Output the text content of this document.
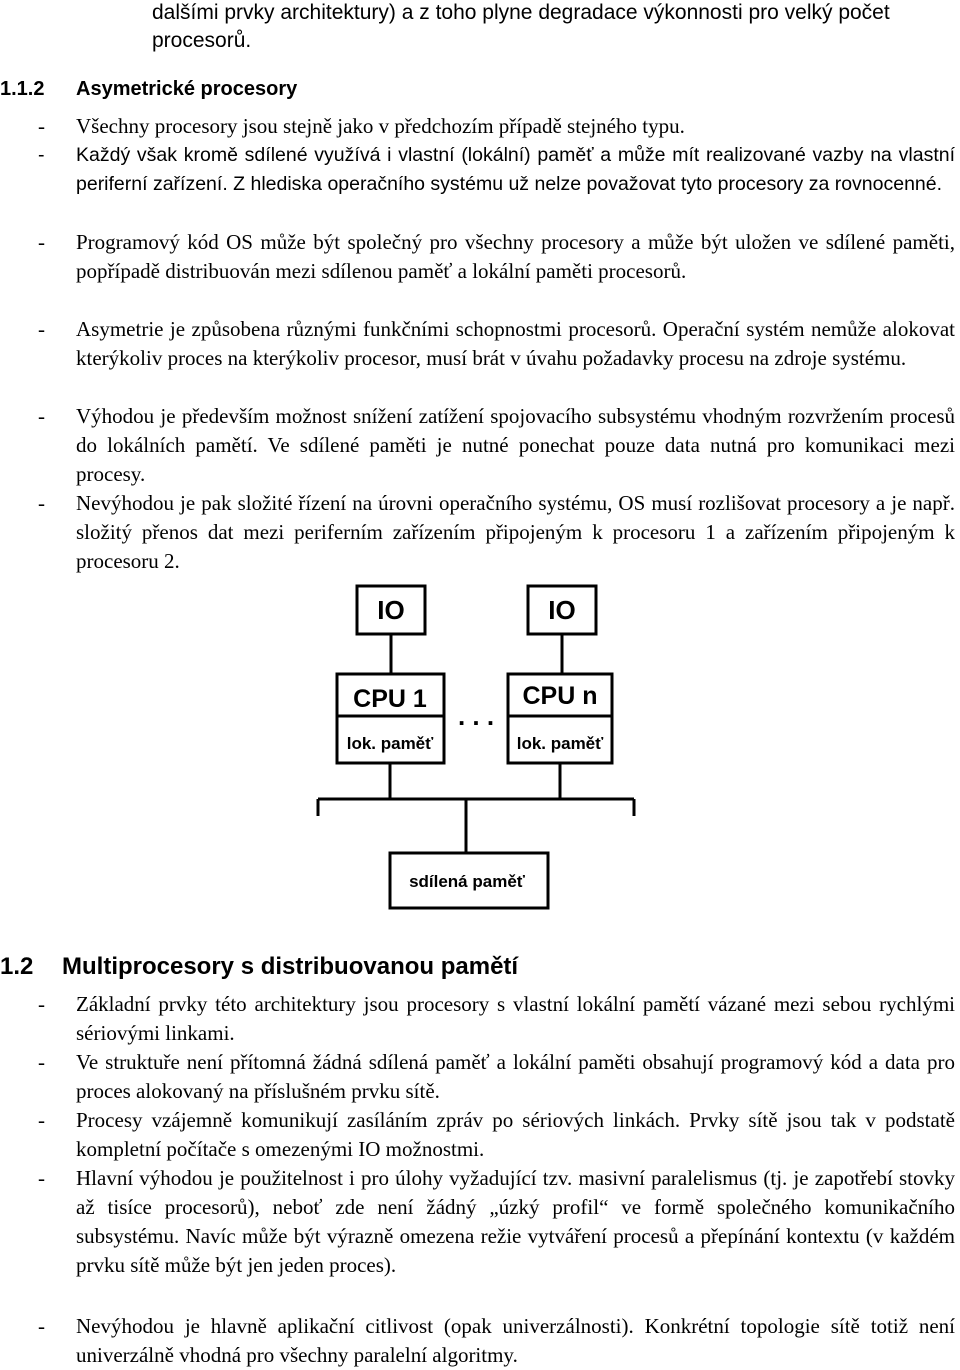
dalšími prvky architektury) a z toho plyne degradace výkonnosti pro velký počet procesorů.
1.1.2	Asymetrické procesory
- Všechny procesory jsou stejně jako v předchozím případě stejného typu.
- Každý však kromě sdílené využívá i vlastní (lokální) paměť a může mít realizované vazby na vlastní periferní zařízení. Z hlediska operačního systému už nelze považovat tyto procesory za rovnocenné.
- Programový kód OS může být společný pro všechny procesory a může být uložen ve sdílené paměti, popřípadě distribuován mezi sdílenou paměť a lokální paměti procesorů.
- Asymetrie je způsobena různými funkčními schopnostmi procesorů. Operační systém nemůže alokovat kterýkoliv proces na kterýkoliv procesor, musí brát v úvahu požadavky procesu na zdroje systému.
- Výhodou je především možnost snížení zatížení spojovacího subsystému vhodným rozvržením procesů do lokálních pamětí. Ve sdílené paměti je nutné ponechat pouze data nutná pro komunikaci mezi procesy.
- Nevýhodou je pak složité řízení na úrovni operačního systému, OS musí rozlišovat procesory a je např. složitý přenos dat mezi periferním zařízením připojeným k procesoru 1 a zařízením připojeným k procesoru 2.
IO	IO
CPU 1
lok. paměť
CPU n
lok. paměť
. . .
sdílená paměť
1.2 Multiprocesory s distribuovanou pamětí
- Základní prvky této architektury jsou procesory s vlastní lokální pamětí vázané mezi sebou rychlými sériovými linkami.
- Ve struktuře není přítomná žádná sdílená paměť a lokální paměti obsahují programový kód a data pro proces alokovaný na příslušném prvku sítě.
- Procesy vzájemně komunikují zasíláním zpráv po sériových linkách. Prvky sítě jsou tak v podstatě kompletní počítače s omezenými IO možnostmi.
- Hlavní výhodou je použitelnost i pro úlohy vyžadující tzv. masivní paralelismus (tj. je zapotřebí stovky až tisíce procesorů), neboť zde není žádný „úzký profil“ ve formě společného komunikačního subsystému. Navíc může být výrazně omezena režie vytváření procesů a přepínání kontextu (v každém prvku sítě může být jen jeden proces).
- Nevýhodou je hlavně aplikační citlivost (opak univerzálnosti). Konkrétní topologie sítě totiž není univerzálně vhodná pro všechny paralelní algoritmy.
